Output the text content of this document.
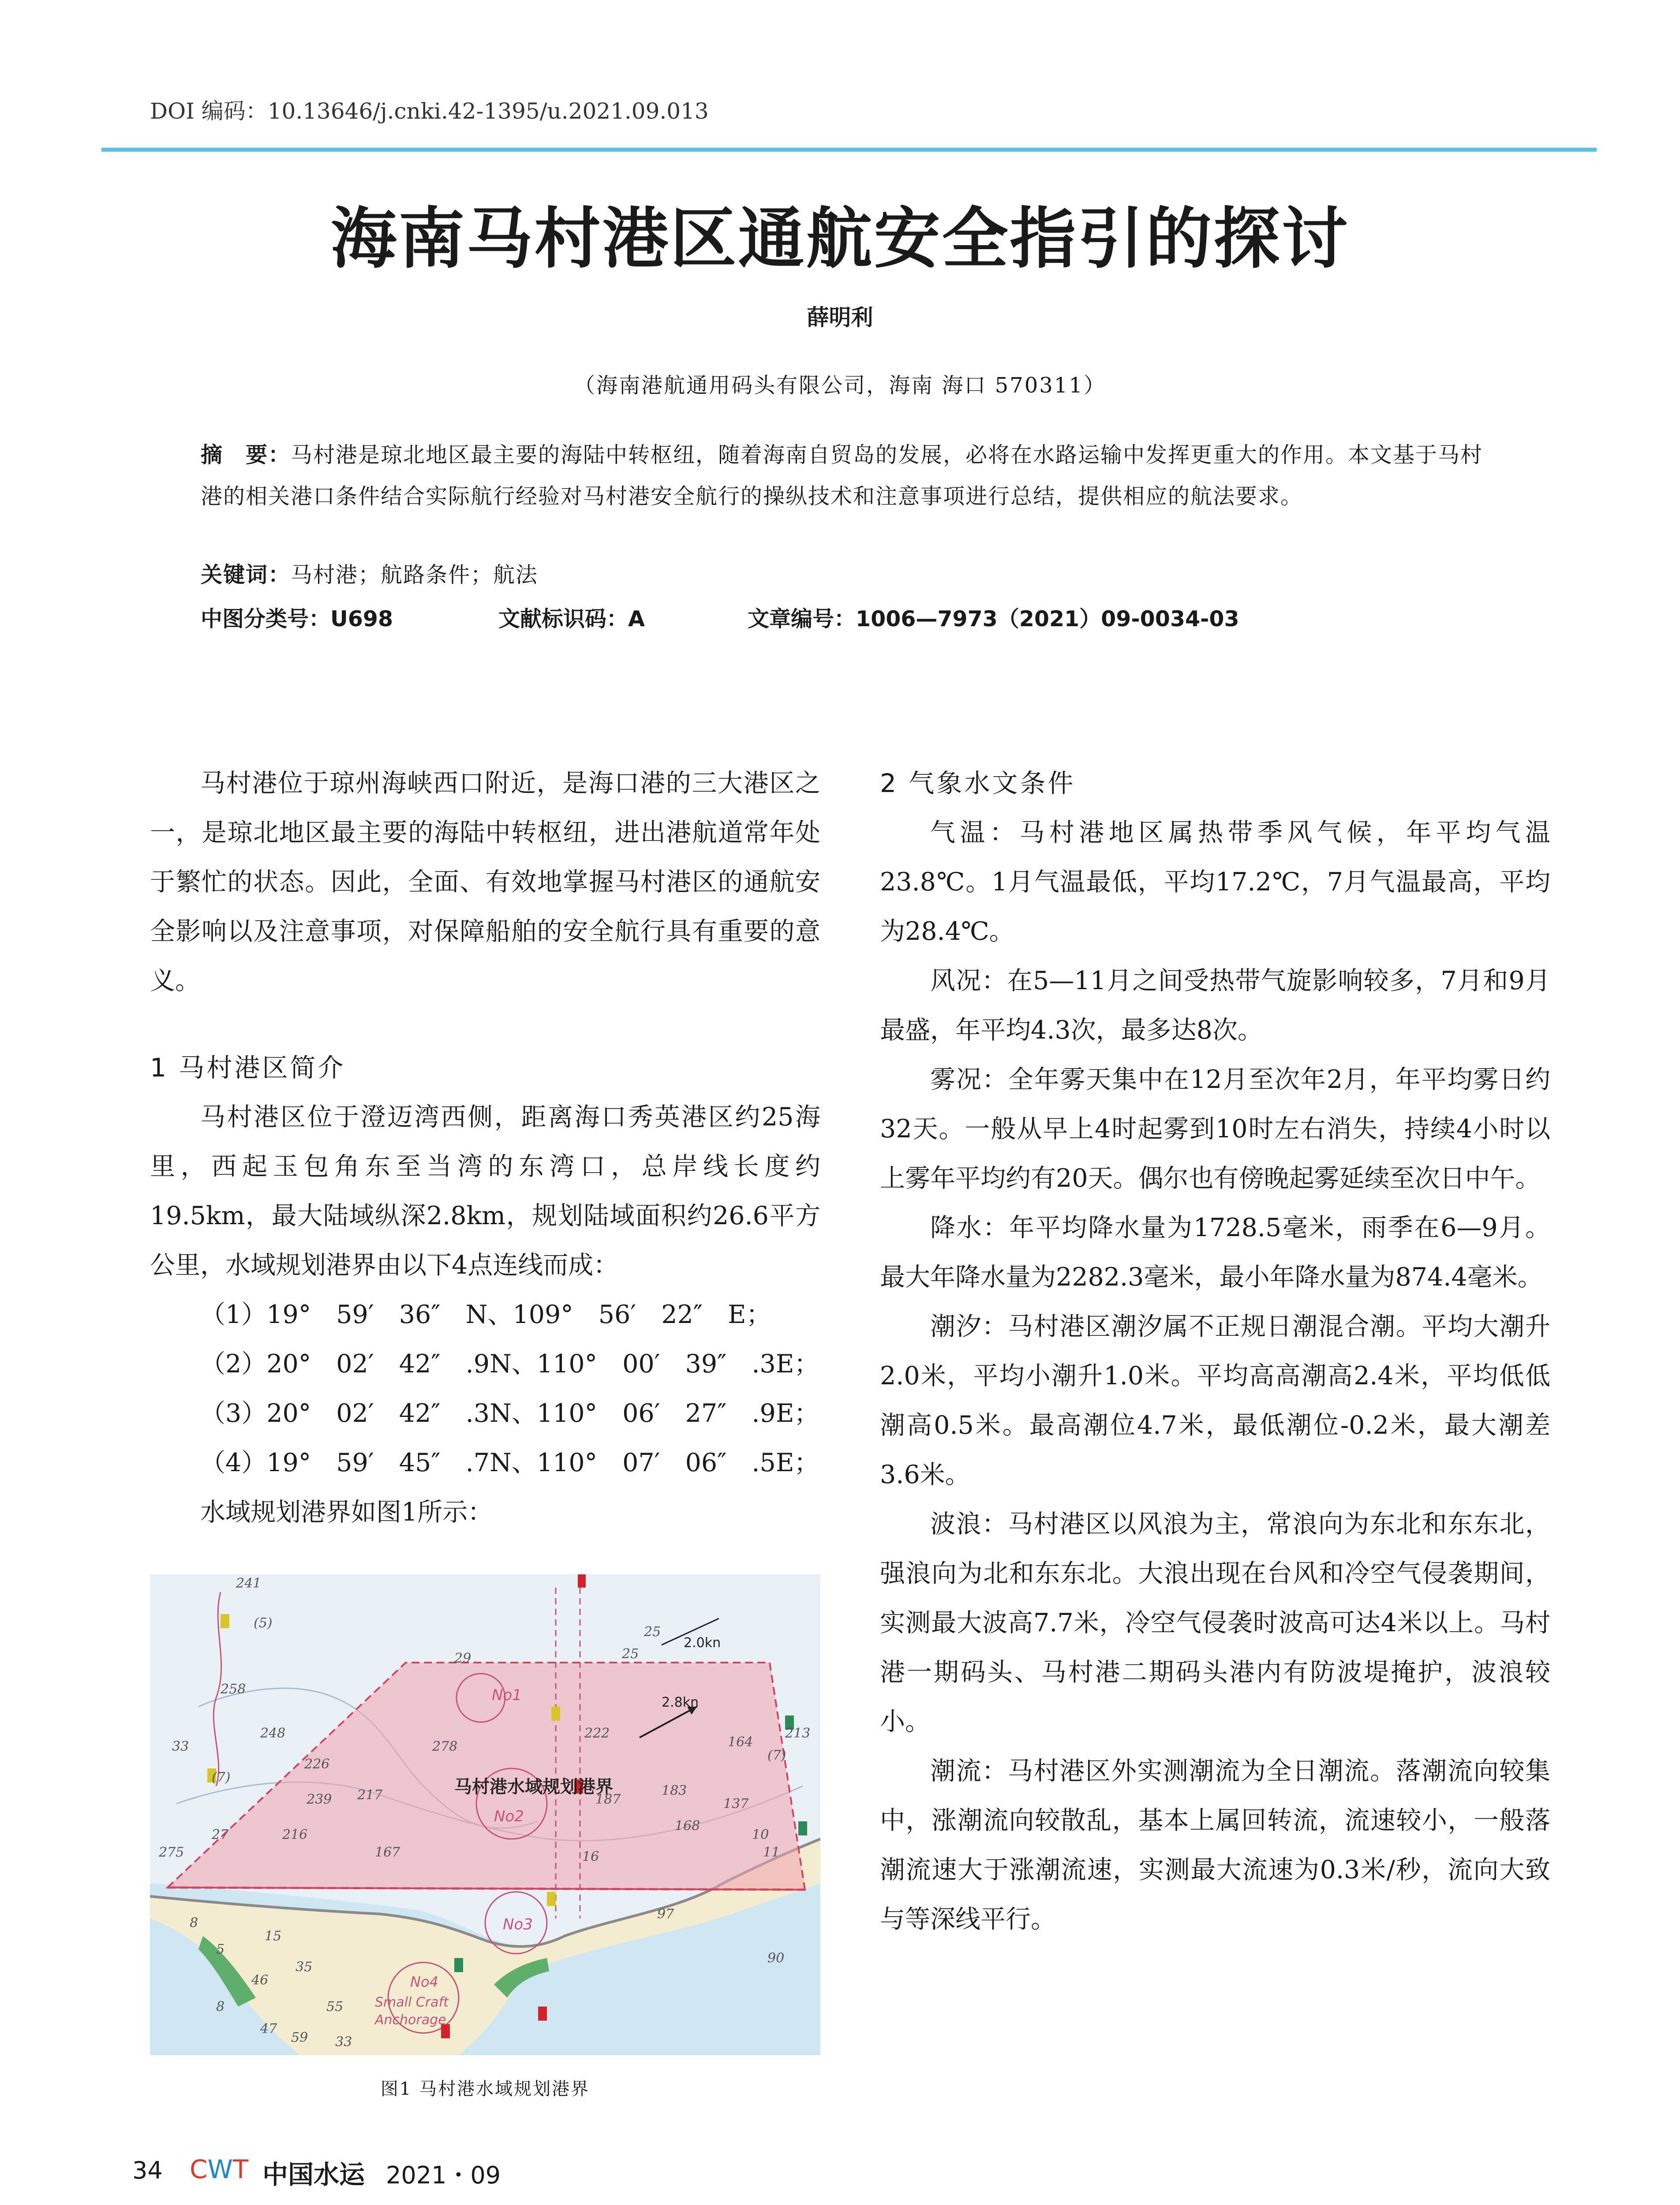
DOI 编码：10.13646/j.cnki.42-1395/u.2021.09.013
海南马村港区通航安全指引的探讨
薛明利
（海南港航通用码头有限公司，海南 海口 570311）
摘　要：马村港是琼北地区最主要的海陆中转枢纽，随着海南自贸岛的发展，必将在水路运输中发挥更重大的作用。本文基于马村港的相关港口条件结合实际航行经验对马村港安全航行的操纵技术和注意事项进行总结，提供相应的航法要求。
关键词：马村港；航路条件；航法
中图分类号：U698	文献标识码：A	文章编号：1006—7973（2021）09-0034-03

马村港位于琼州海峡西口附近，是海口港的三大港区之一，是琼北地区最主要的海陆中转枢纽，进出港航道常年处于繁忙的状态。因此，全面、有效地掌握马村港区的通航安全影响以及注意事项，对保障船舶的安全航行具有重要的意义。

1 马村港区简介

马村港区位于澄迈湾西侧，距离海口秀英港区约25海里，西起玉包角东至当湾的东湾口，总岸线长度约19.5km，最大陆域纵深2.8km，规划陆域面积约26.6平方公里，水域规划港界由以下4点连线而成：

（1）19°　59′　36″　N、109°　56′　22″　E；
（2）20°　02′　42″　.9N、110°　00′　39″　.3E；
（3）20°　02′　42″　.3N、110°　06′　27″　.9E；
（4）19°　59′　45″　.7N、110°　07′　06″　.5E；

水域规划港界如图1所示：

马村港水域规划港界
No1
No2
No3
No4
Small Craft
Anchorage
2.0kn
2.8kn
241
(5)
258
33
248
226
27
275
239 217
216
167
278
29
222
164
183
168
137
10
11
90
97
187
15
25
16
8
5
46
35
8
47
55
59 33
(7)
(7)
213
25
图1 马村港水域规划港界
2 气象水文条件

气温：马村港地区属热带季风气候，年平均气温23.8℃。1月气温最低，平均17.2℃，7月气温最高，平均为28.4℃。

风况：在5—11月之间受热带气旋影响较多，7月和9月最盛，年平均4.3次，最多达8次。

雾况：全年雾天集中在12月至次年2月，年平均雾日约32天。一般从早上4时起雾到10时左右消失，持续4小时以上雾年平均约有20天。偶尔也有傍晚起雾延续至次日中午。

降水：年平均降水量为1728.5毫米，雨季在6—9月。最大年降水量为2282.3毫米，最小年降水量为874.4毫米。

潮汐：马村港区潮汐属不正规日潮混合潮。平均大潮升2.0米，平均小潮升1.0米。平均高高潮高2.4米，平均低低潮高0.5米。最高潮位4.7米，最低潮位-0.2米，最大潮差3.6米。

波浪：马村港区以风浪为主，常浪向为东北和东东北，强浪向为北和东东北。大浪出现在台风和冷空气侵袭期间，实测最大波高7.7米，冷空气侵袭时波高可达4米以上。马村港一期码头、马村港二期码头港内有防波堤掩护，波浪较小。

潮流：马村港区外实测潮流为全日潮流。落潮流向较集中，涨潮流向较散乱，基本上属回转流，流速较小，一般落潮流速大于涨潮流速，实测最大流速为0.3米/秒，流向大致与等深线平行。

34 CWT 中国水运 2021・09
